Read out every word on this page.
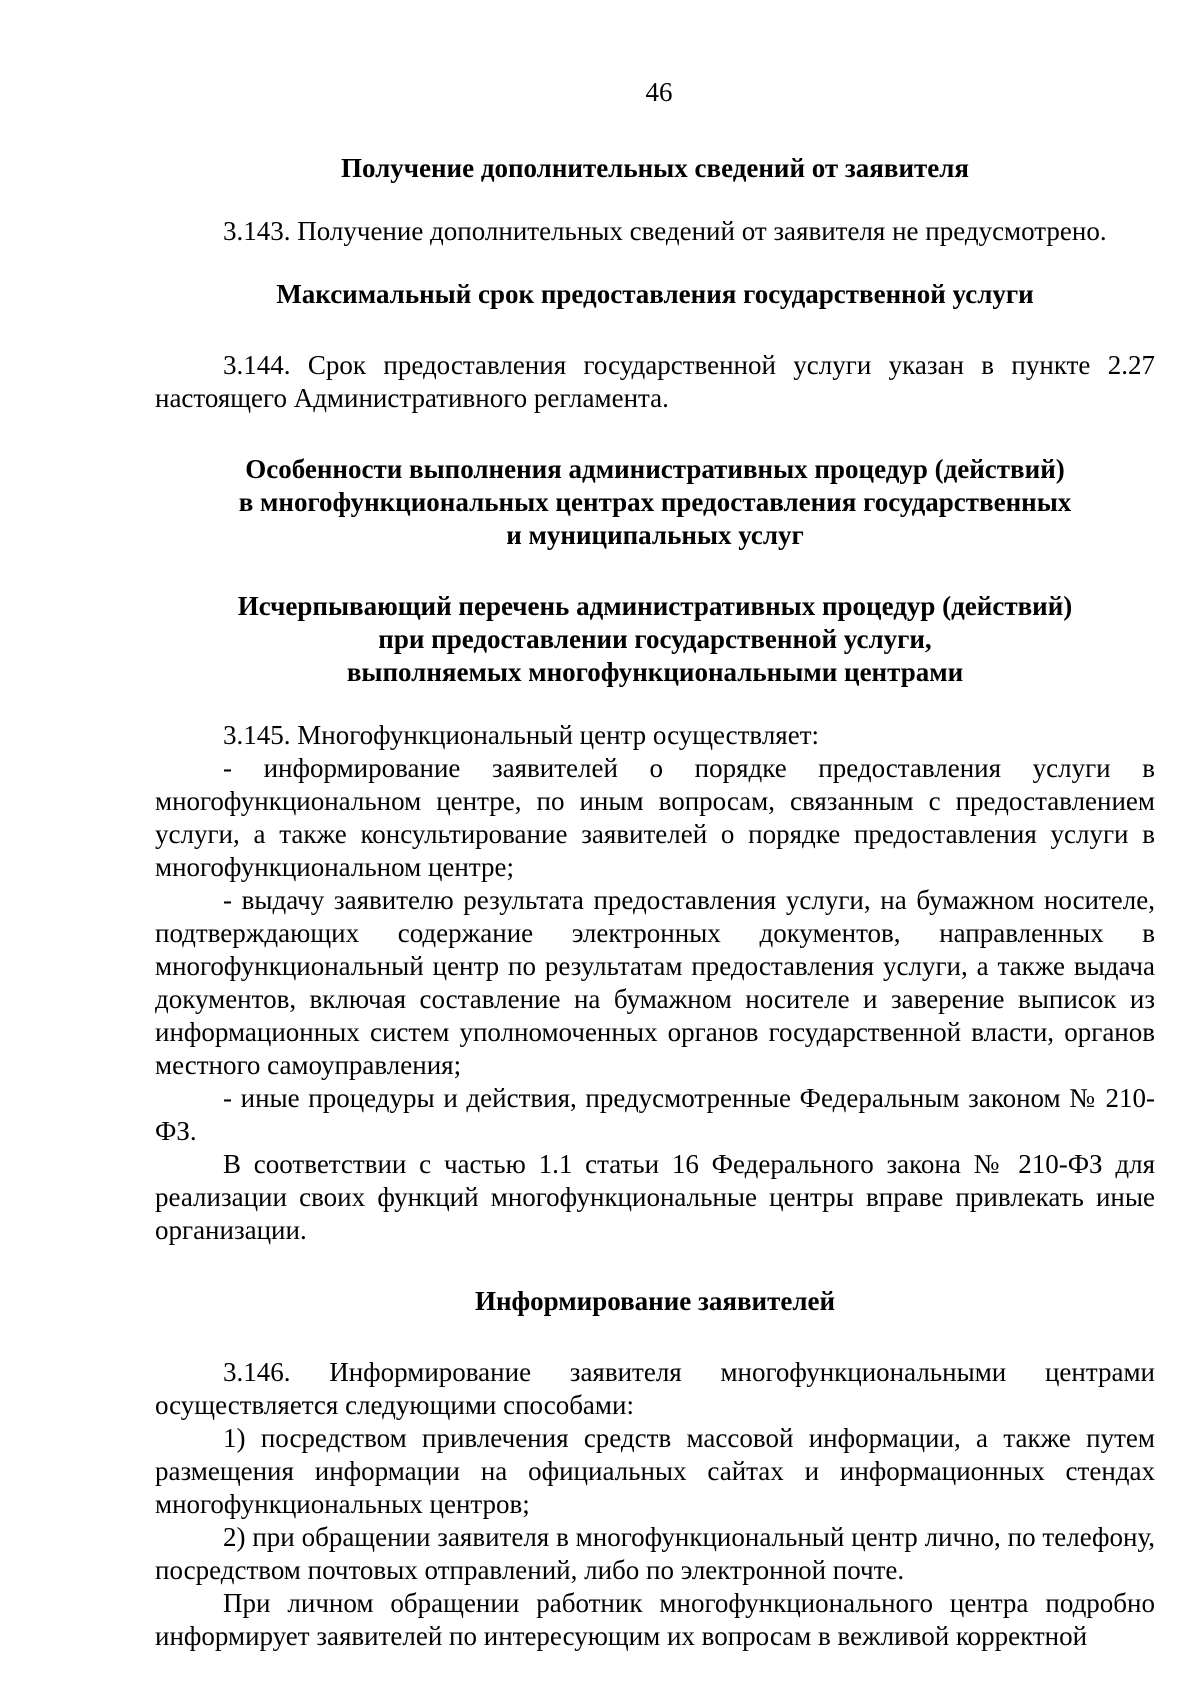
46

Получение дополнительных сведений от заявителя

3.143. Получение дополнительных сведений от заявителя не предусмотрено.

Максимальный срок предоставления государственной услуги

3.144. Срок предоставления государственной услуги указан в пункте 2.27 настоящего Административного регламента.

Особенности выполнения административных процедур (действий)

в многофункциональных центрах предоставления государственных

и муниципальных услуг

Исчерпывающий перечень административных процедур (действий)

при предоставлении государственной услуги,

выполняемых многофункциональными центрами

3.145. Многофункциональный центр осуществляет:

- информирование заявителей о порядке предоставления услуги в многофункциональном центре, по иным вопросам, связанным с предоставлением услуги, а также консультирование заявителей о порядке предоставления услуги в многофункциональном центре;

- выдачу заявителю результата предоставления услуги, на бумажном носителе, подтверждающих содержание электронных документов, направленных в многофункциональный центр по результатам предоставления услуги, а также выдача документов, включая составление на бумажном носителе и заверение выписок из информационных систем уполномоченных органов государственной власти, органов местного самоуправления;

- иные процедуры и действия, предусмотренные Федеральным законом № 210-ФЗ.

В соответствии с частью 1.1 статьи 16 Федерального закона № 210-ФЗ для реализации своих функций многофункциональные центры вправе привлекать иные организации.

Информирование заявителей

3.146. Информирование заявителя многофункциональными центрами осуществляется следующими способами:

1) посредством привлечения средств массовой информации, а также путем размещения информации на официальных сайтах и информационных стендах многофункциональных центров;

2) при обращении заявителя в многофункциональный центр лично, по телефону, посредством почтовых отправлений, либо по электронной почте.

При личном обращении работник многофункционального центра подробно информирует заявителей по интересующим их вопросам в вежливой корректной
